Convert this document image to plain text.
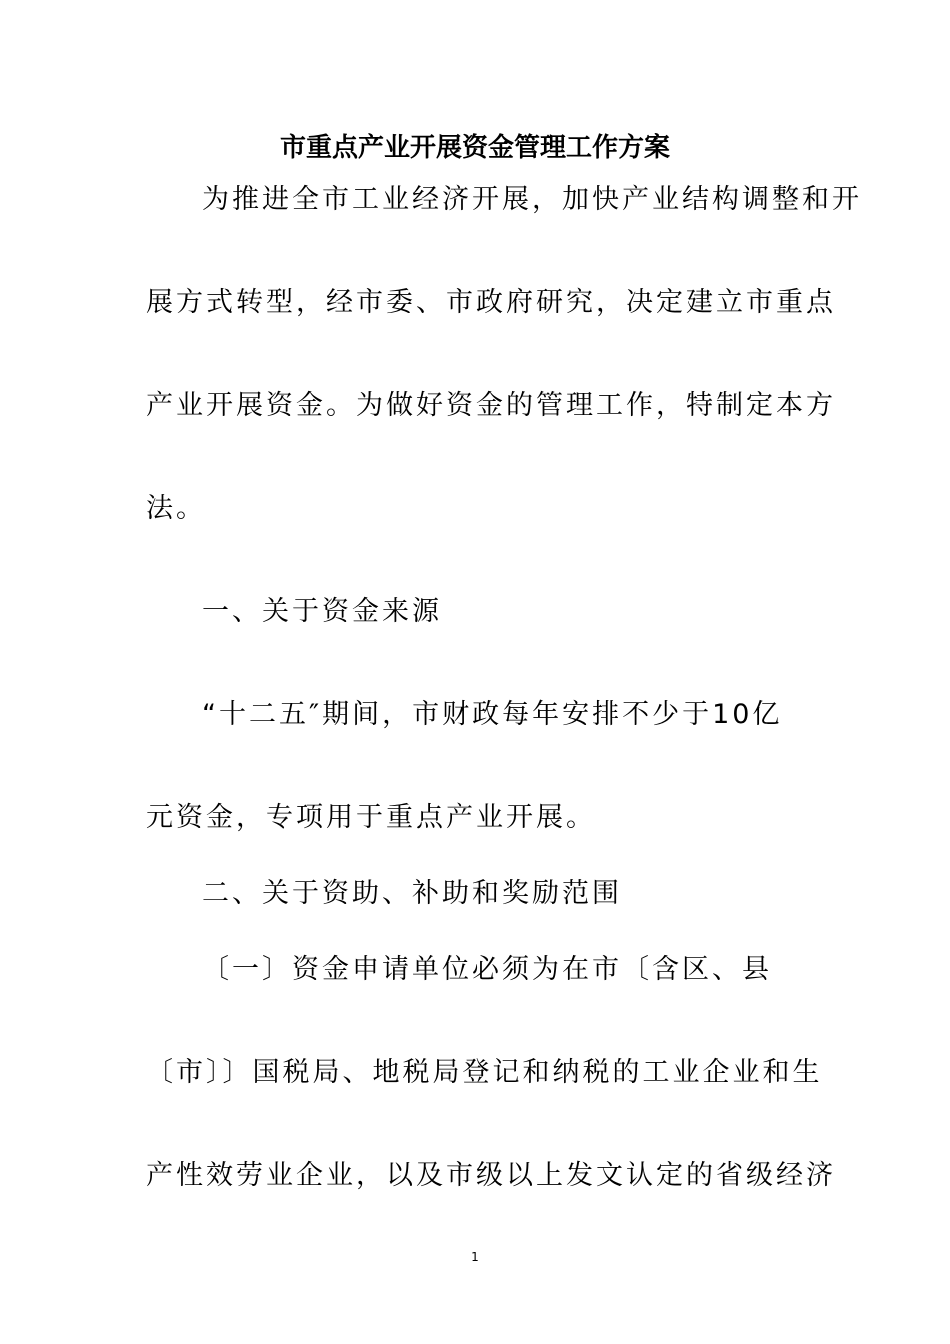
市重点产业开展资金管理工作方案
为推进全市工业经济开展，加快产业结构调整和开
展方式转型，经市委、市政府研究，决定建立市重点
产业开展资金。为做好资金的管理工作，特制定本方
法。
一、关于资金来源
“十二五″期间，市财政每年安排不少于10亿
元资金，专项用于重点产业开展。
二、关于资助、补助和奖励范围
〔一〕资金申请单位必须为在市〔含区、县
〔市〕〕国税局、地税局登记和纳税的工业企业和生
产性效劳业企业，以及市级以上发文认定的省级经济

1
